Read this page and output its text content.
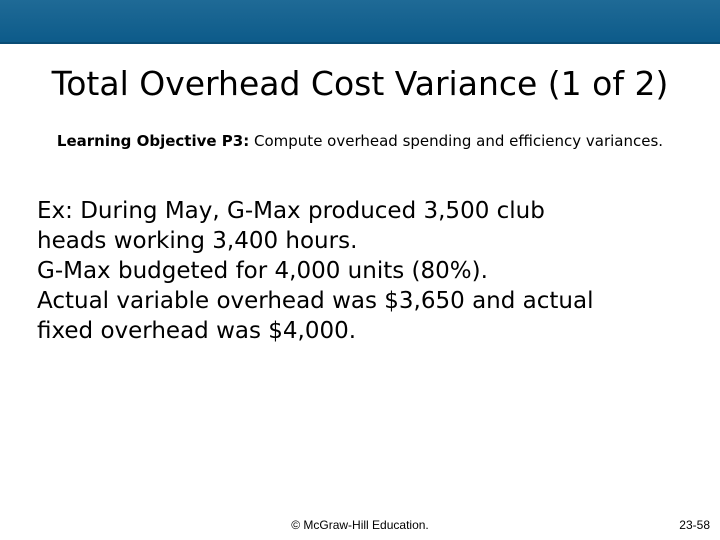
Total Overhead Cost Variance (1 of 2)
Learning Objective P3: Compute overhead spending and efficiency variances.
Ex: During May, G-Max produced 3,500 club
heads working 3,400 hours.
G-Max budgeted for 4,000 units (80%).
Actual variable overhead was $3,650 and actual
fixed overhead was $4,000.
© McGraw-Hill Education.	23-58
